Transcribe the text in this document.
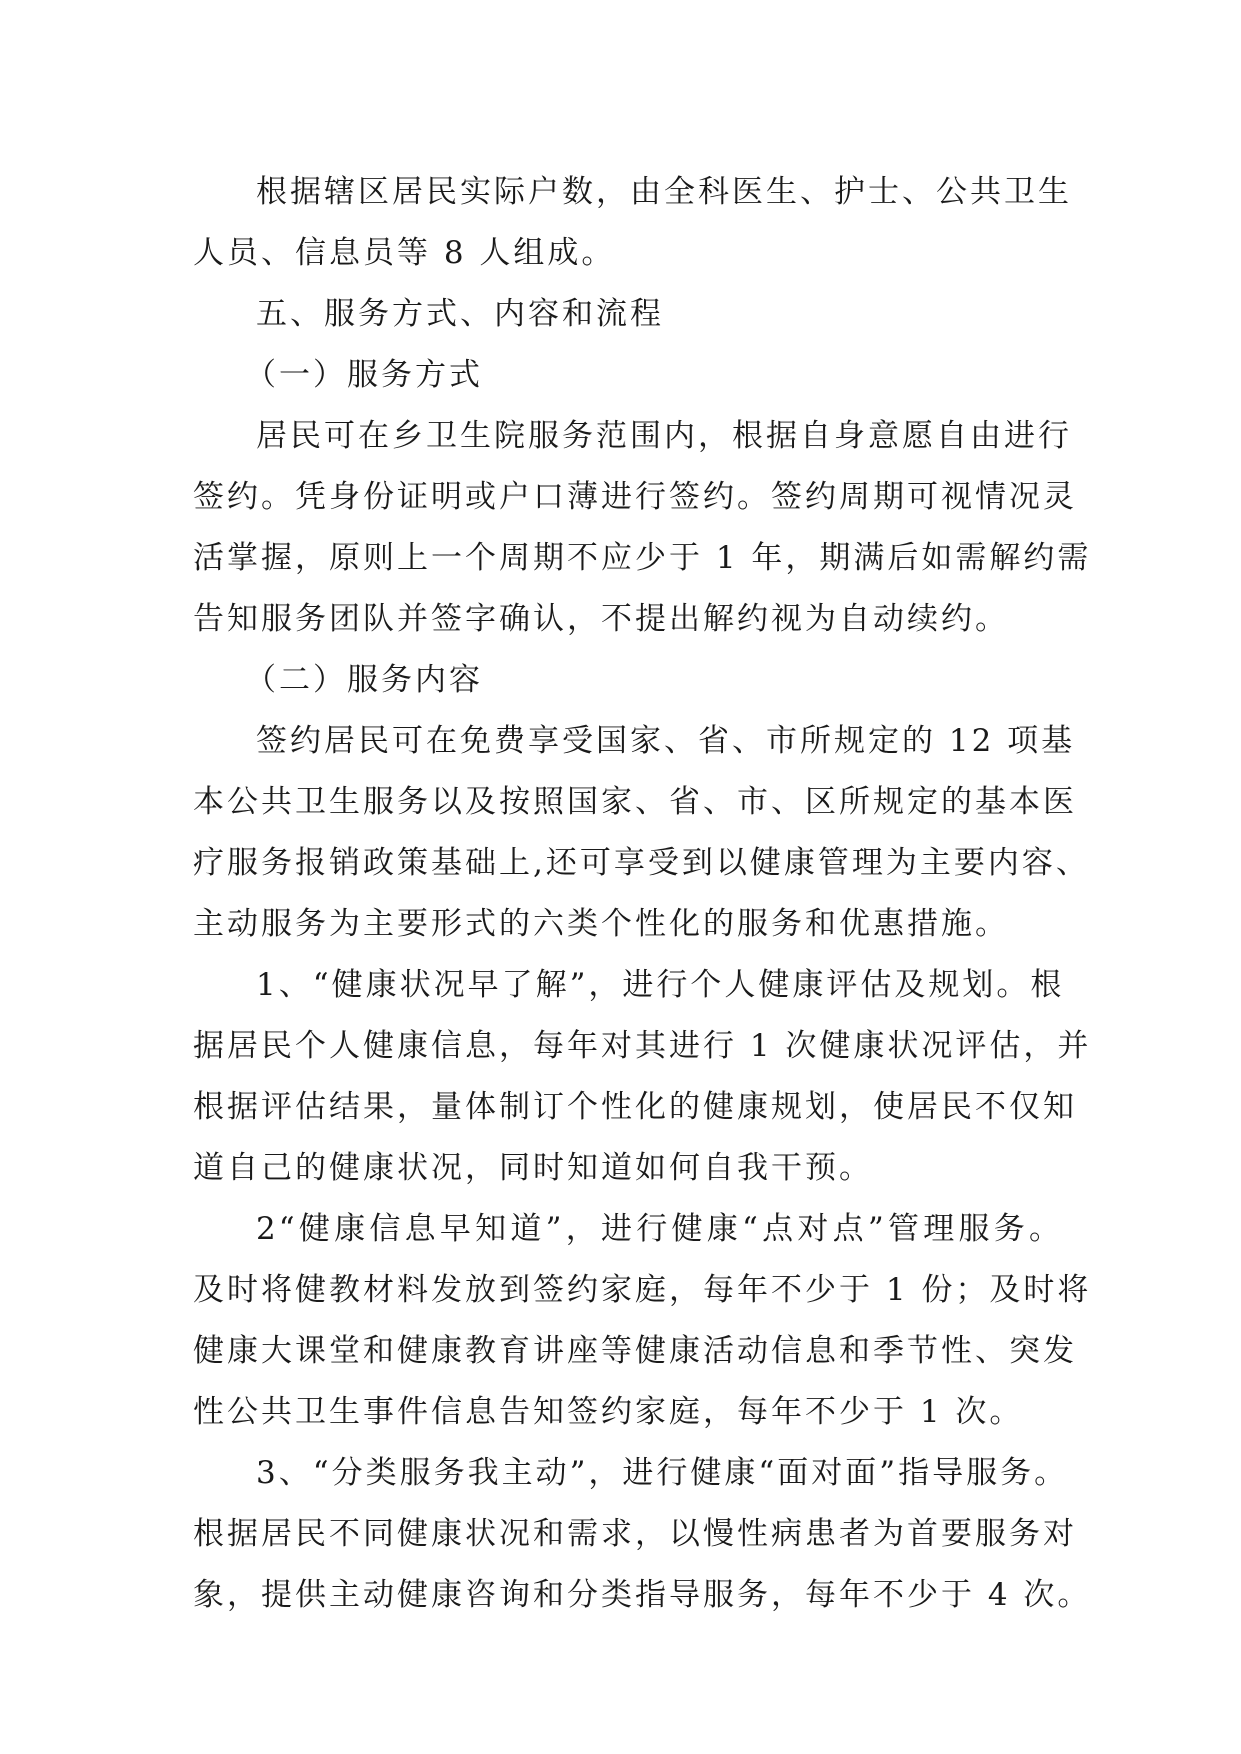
根据辖区居民实际户数，由全科医生、护士、公共卫生
人员、信息员等 8 人组成。
五、服务方式、内容和流程
（一）服务方式
居民可在乡卫生院服务范围内，根据自身意愿自由进行
签约。凭身份证明或户口薄进行签约。签约周期可视情况灵
活掌握，原则上一个周期不应少于 1 年，期满后如需解约需
告知服务团队并签字确认，不提出解约视为自动续约。
（二）服务内容
签约居民可在免费享受国家、省、市所规定的 12 项基
本公共卫生服务以及按照国家、省、市、区所规定的基本医
疗服务报销政策基础上,还可享受到以健康管理为主要内容、
主动服务为主要形式的六类个性化的服务和优惠措施。
1、“健康状况早了解”，进行个人健康评估及规划。根
据居民个人健康信息，每年对其进行 1 次健康状况评估，并
根据评估结果，量体制订个性化的健康规划，使居民不仅知
道自己的健康状况，同时知道如何自我干预。
2“健康信息早知道”，进行健康“点对点”管理服务。
及时将健教材料发放到签约家庭，每年不少于 1 份；及时将
健康大课堂和健康教育讲座等健康活动信息和季节性、突发
性公共卫生事件信息告知签约家庭，每年不少于 1 次。
3、“分类服务我主动”，进行健康“面对面”指导服务。
根据居民不同健康状况和需求，以慢性病患者为首要服务对
象，提供主动健康咨询和分类指导服务，每年不少于 4 次。
